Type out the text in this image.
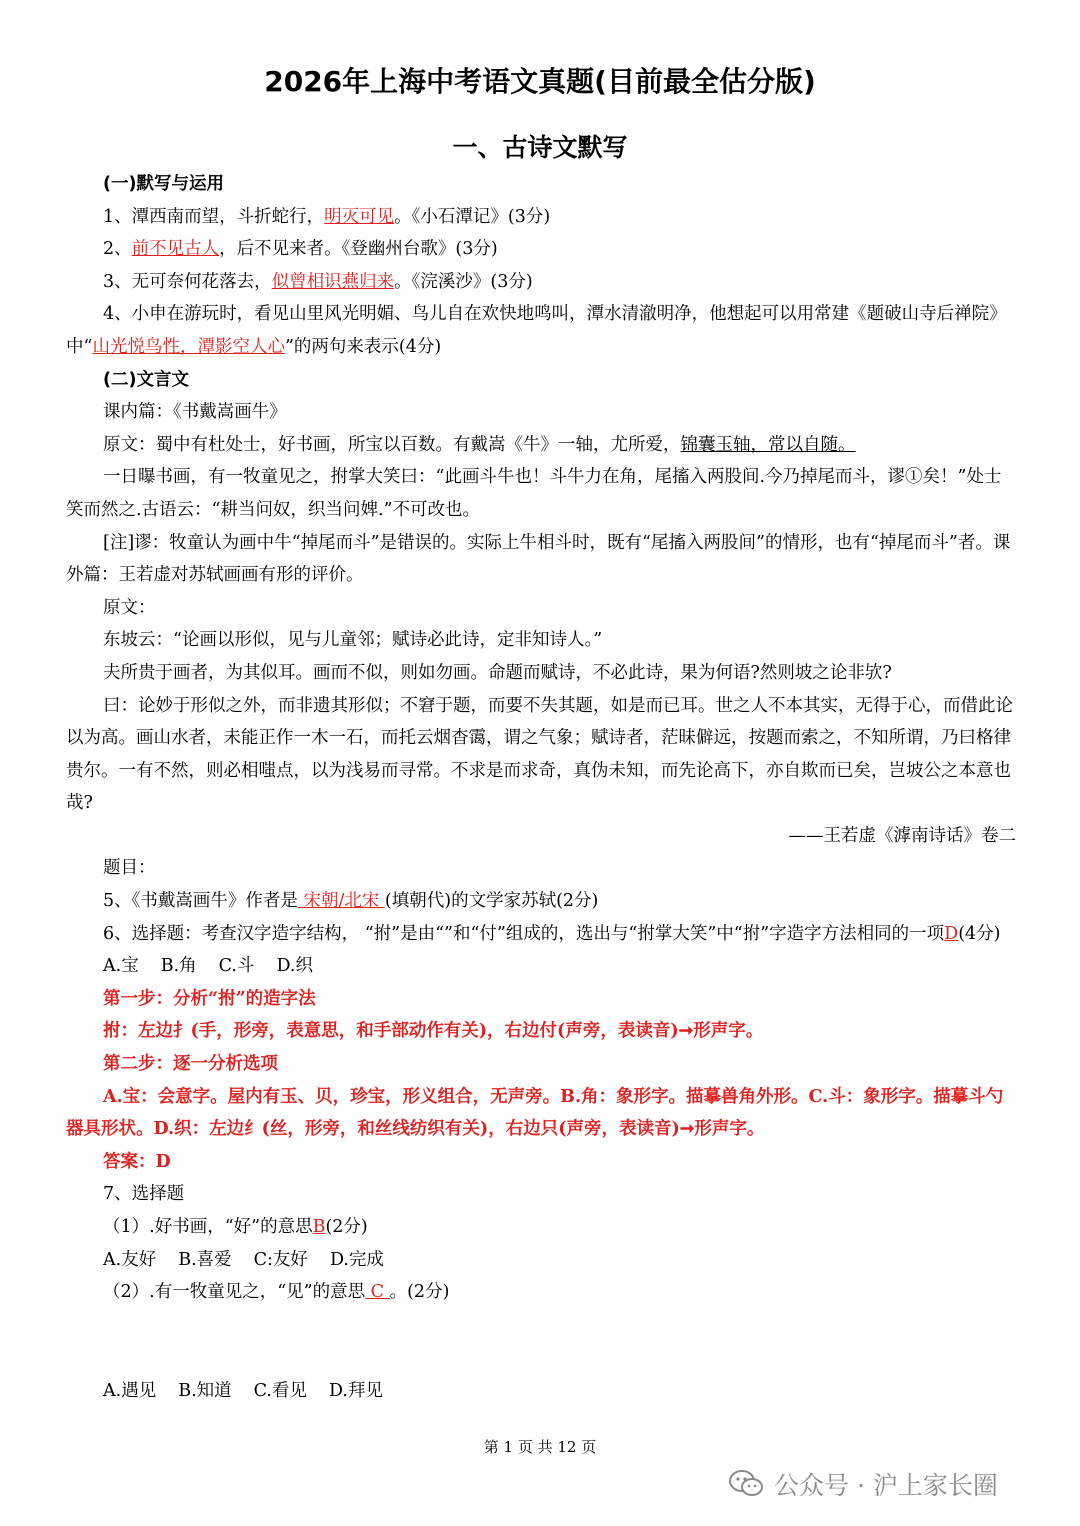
2026年上海中考语文真题(目前最全估分版)
一、古诗文默写

(一)默写与运用

1、潭西南而望，斗折蛇行，明灭可见。《小石潭记》(3分)

2、前不见古人，后不见来者。《登幽州台歌》(3分)

3、无可奈何花落去，似曾相识燕归来。《浣溪沙》(3分)

4、小申在游玩时，看见山里风光明媚、鸟儿自在欢快地鸣叫，潭水清澈明净，他想起可以用常建《题破山寺后禅院》中“山光悦鸟性，潭影空人心”的两句来表示(4分)

(二)文言文

课内篇：《书戴嵩画牛》

原文：蜀中有杜处士，好书画，所宝以百数。有戴嵩《牛》一轴，尤所爱，锦囊玉轴，常以自随。

一日曝书画，有一牧童见之，拊掌大笑曰：“此画斗牛也！斗牛力在角，尾搐入两股间.今乃掉尾而斗，谬①矣！”处士笑而然之.古语云：“耕当问奴，织当问婢.”不可改也。

[注]谬：牧童认为画中牛“掉尾而斗”是错误的。实际上牛相斗时，既有“尾搐入两股间”的情形，也有“掉尾而斗”者。课外篇：王若虚对苏轼画画有形的评价。

原文：

东坡云：“论画以形似，见与儿童邻；赋诗必此诗，定非知诗人。”

夫所贵于画者，为其似耳。画而不似，则如勿画。命题而赋诗，不必此诗，果为何语?然则坡之论非欤?

曰：论妙于形似之外，而非遗其形似；不窘于题，而要不失其题，如是而已耳。世之人不本其实，无得于心，而借此论以为高。画山水者，未能正作一木一石，而托云烟杳霭，谓之气象；赋诗者，茫昧僻远，按题而索之，不知所谓，乃曰格律贵尔。一有不然，则必相嗤点，以为浅易而寻常。不求是而求奇，真伪未知，而先论高下，亦自欺而已矣，岂坡公之本意也哉?

——王若虚《滹南诗话》卷二

题目：

5、《书戴嵩画牛》作者是 宋朝/北宋 (填朝代)的文学家苏轼(2分)

6、选择题：考查汉字造字结构， “拊”是由“”和“付”组成的，选出与“拊掌大笑”中“拊”字造字方法相同的一项D(4分)

A.宝 B.角 C.斗 D.织

第一步：分析“拊”的造字法

拊：左边扌(手，形旁，表意思，和手部动作有关)，右边付(声旁，表读音)➞形声字。

第二步：逐一分析选项

A.宝：会意字。屋内有玉、贝，珍宝，形义组合，无声旁。B.角：象形字。描摹兽角外形。C.斗：象形字。描摹斗勺器具形状。D.织：左边纟(丝，形旁，和丝线纺织有关)，右边只(声旁，表读音)➞形声字。

答案：D

7、选择题

（1）.好书画，“好”的意思B(2分)

A.友好 B.喜爱 C:友好 D.完成

（2）.有一牧童见之，“见”的意思 C 。(2分)

A.遇见 B.知道 C.看见 D.拜见

第 1 页 共 12 页
公众号 · 沪上家长圈
